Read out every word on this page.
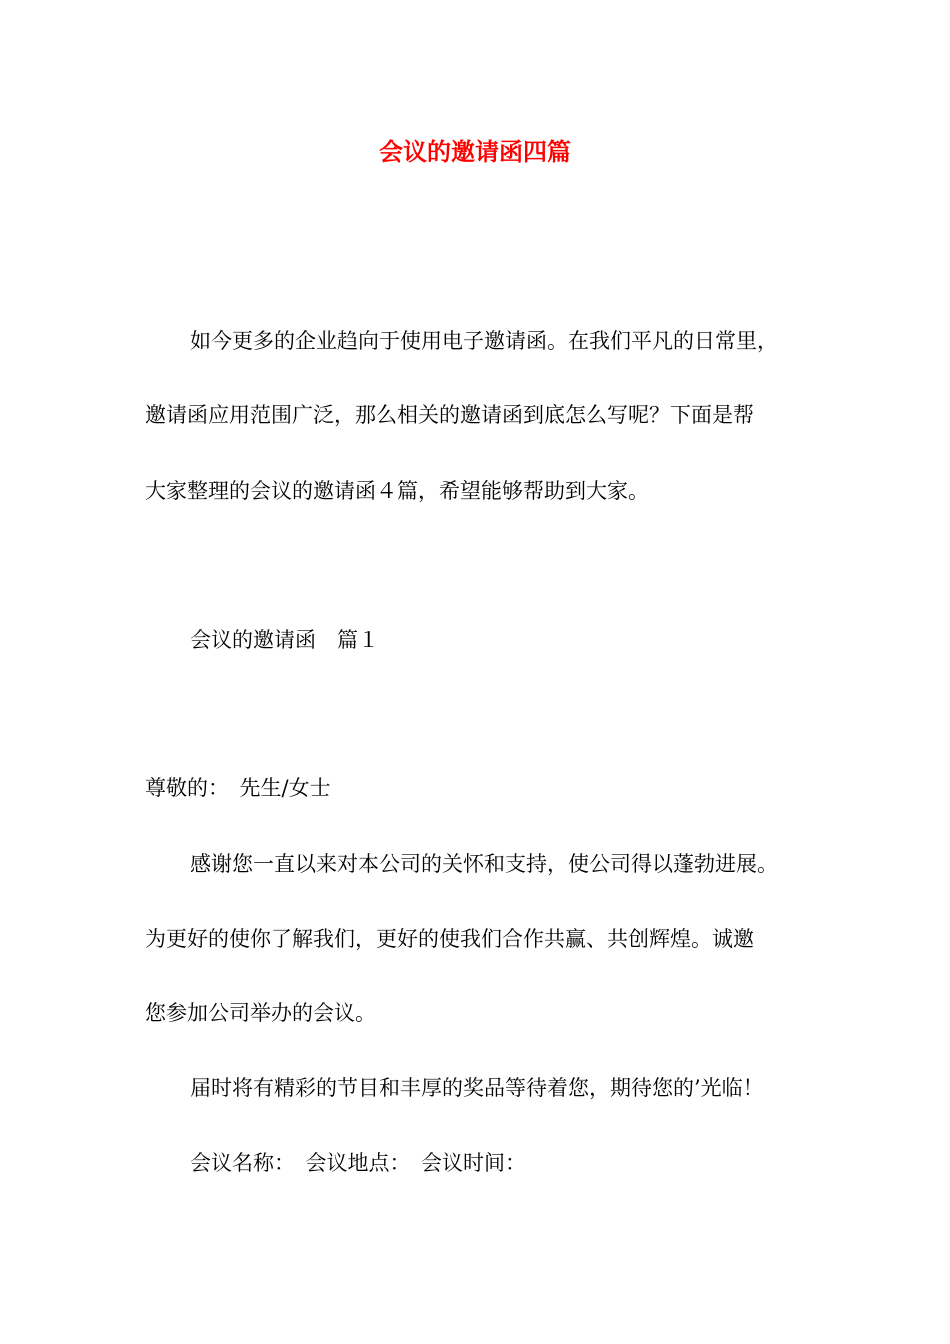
会议的邀请函四篇

如今更多的企业趋向于使用电子邀请函。在我们平凡的日常里，

邀请函应用范围广泛，那么相关的邀请函到底怎么写呢？下面是帮

大家整理的会议的邀请函４篇，希望能够帮助到大家。

会议的邀请函　篇１

尊敬的：　先生/女士

感谢您一直以来对本公司的关怀和支持，使公司得以蓬勃进展。

为更好的使你了解我们，更好的使我们合作共赢、共创辉煌。诚邀

您参加公司举办的会议。

届时将有精彩的节目和丰厚的奖品等待着您，期待您的’光临！

会议名称：　会议地点：　会议时间：
